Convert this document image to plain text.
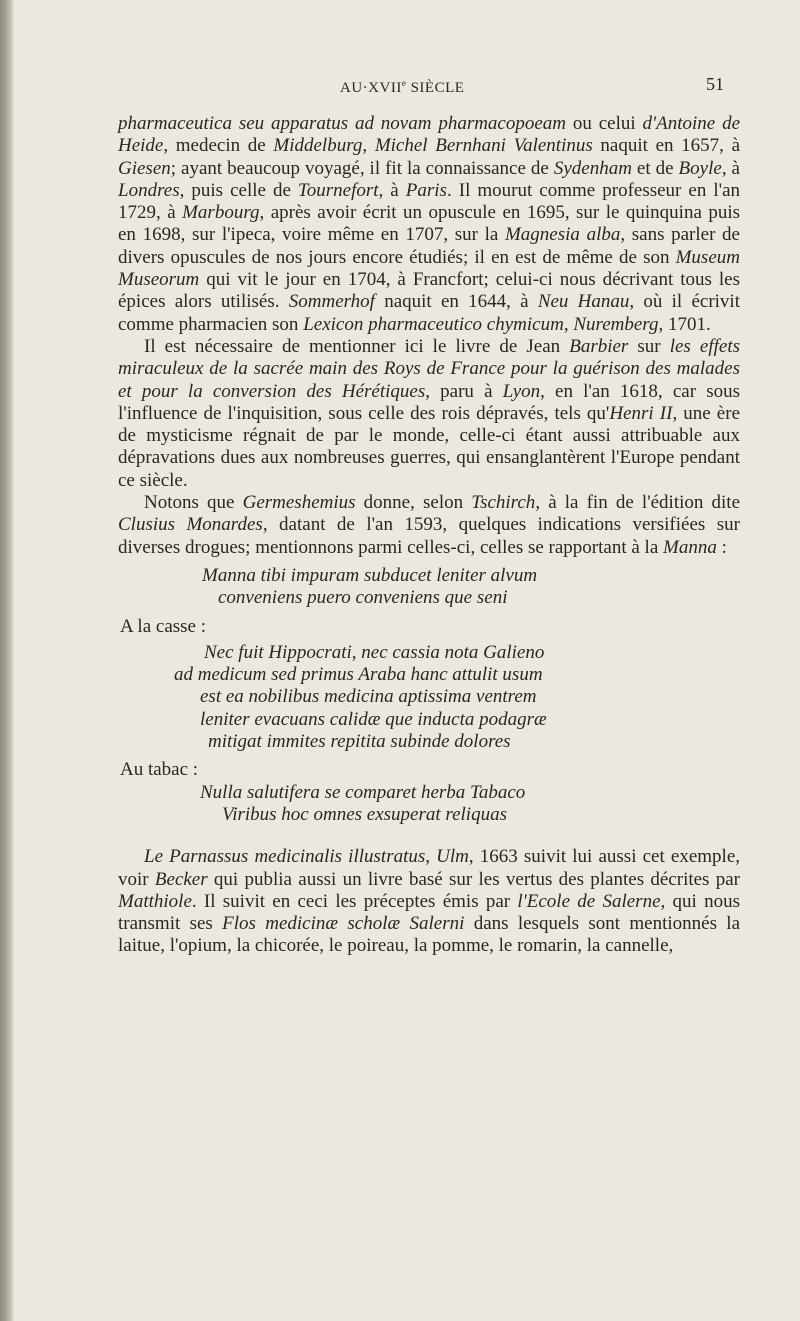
$AU\cdot XVII^e$ SIÈCLE	51

pharmaceutica seu apparatus ad novam pharmacopoeam ou celui d'Antoine de Heide, medecin de Middelburg, Michel Bernhani Valentinus naquit en 1657, à Giesen; ayant beaucoup voyagé, il fit la connaissance de Sydenham et de Boyle, à Londres, puis celle de Tournefort, à Paris. Il mourut comme professeur en l'an 1729, à Marbourg, après avoir écrit un opuscule en 1695, sur le quinquina puis en 1698, sur l'ipeca, voire même en 1707, sur la Magnesia alba, sans parler de divers opuscules de nos jours encore étudiés; il en est de même de son Museum Museorum qui vit le jour en 1704, à Francfort; celui-ci nous décrivant tous les épices alors utilisés. Sommerhof naquit en 1644, à Neu Hanau, où il écrivit comme pharmacien son Lexicon pharmaceutico chymicum, Nuremberg, 1701.

Il est nécessaire de mentionner ici le livre de Jean Barbier sur les effets miraculeux de la sacrée main des Roys de France pour la guérison des malades et pour la conversion des Hérétiques, paru à Lyon, en l'an 1618, car sous l'influence de l'inquisition, sous celle des rois dépravés, tels qu'Henri II, une ère de mysticisme régnait de par le monde, celle-ci étant aussi attribuable aux dépravations dues aux nombreuses guerres, qui ensanglantèrent l'Europe pendant ce siècle.

Notons que Germeshemius donne, selon Tschirch, à la fin de l'édition dite Clusius Monardes, datant de l'an 1593, quelques indications versifiées sur diverses drogues; mentionnons parmi celles-ci, celles se rapportant à la Manna :

Manna tibi impuram subducet leniter alvum
conveniens puero conveniens que seni
A la casse :
Nec fuit Hippocrati, nec cassia nota Galieno
ad medicum sed primus Araba hanc attulit usum
est ea nobilibus medicina aptissima ventrem
leniter evacuans calidæ que inducta podagræ
mitigat immites repitita subinde dolores
Au tabac :
Nulla salutifera se comparet herba Tabaco
Viribus hoc omnes exsuperat reliquas

Le Parnassus medicinalis illustratus, Ulm, 1663 suivit lui aussi cet exemple, voir Becker qui publia aussi un livre basé sur les vertus des plantes décrites par Matthiole. Il suivit en ceci les préceptes émis par l'Ecole de Salerne, qui nous transmit ses Flos medicinæ scholæ Salerni dans lesquels sont mentionnés la laitue, l'opium, la chicorée, le poireau, la pomme, le romarin, la cannelle,
